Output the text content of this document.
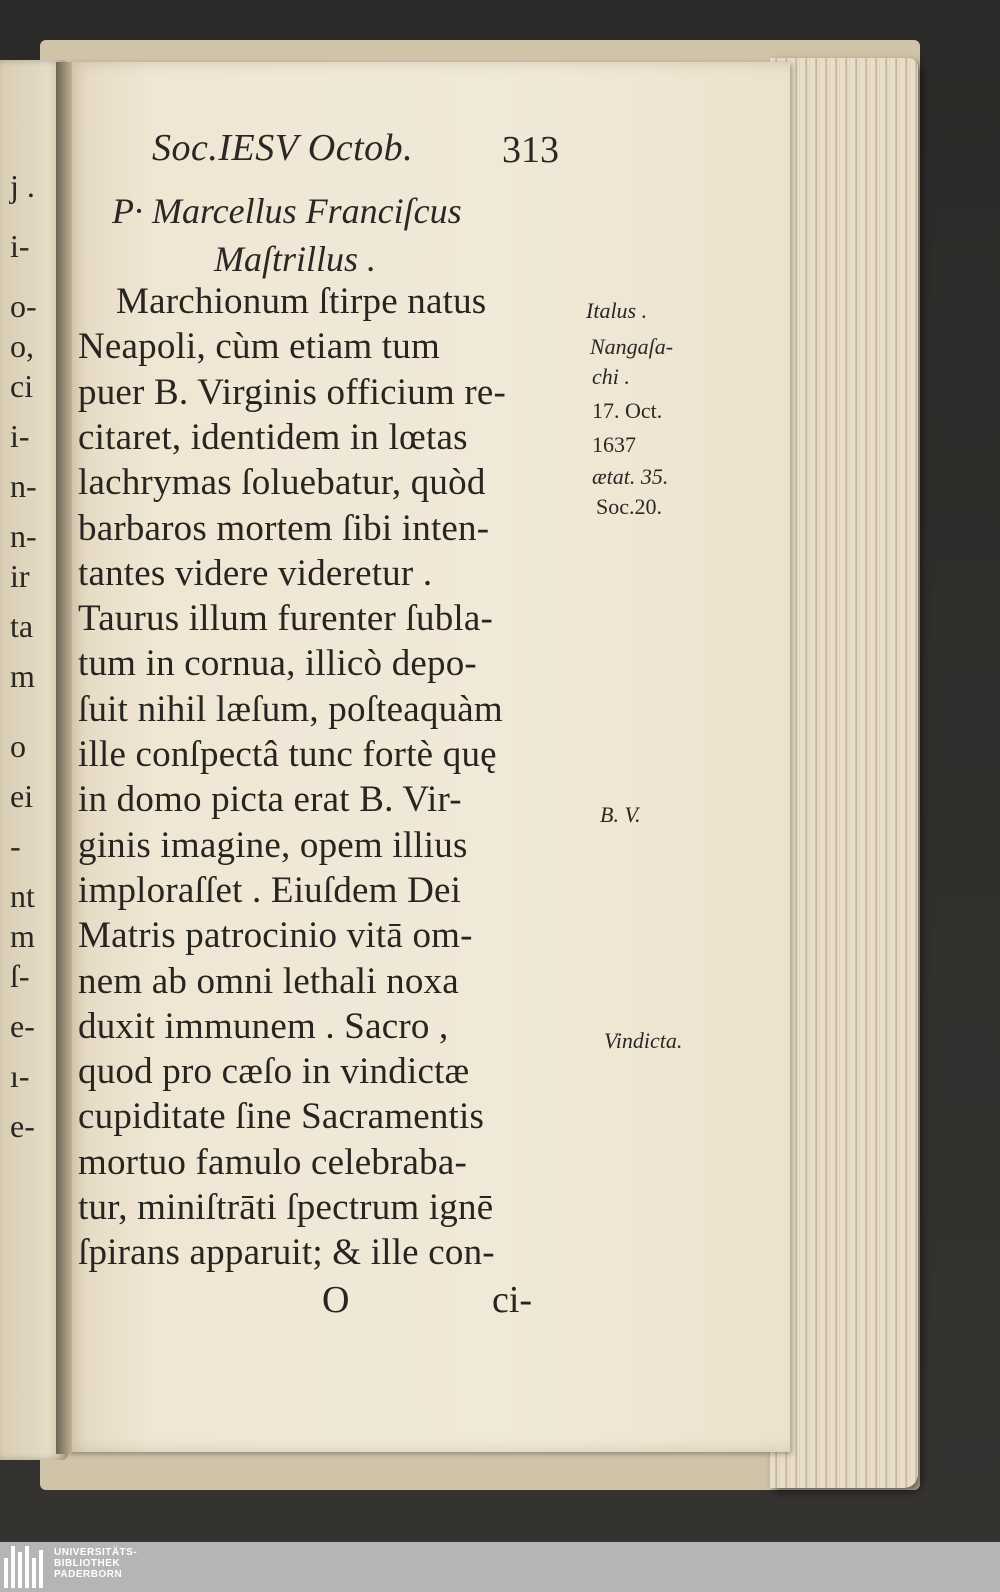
j .
i-
o-
o,
ci
i-
n-
n-
ir
ta
m
o
ei
-
nt
m
ſ-
e-
ı-
e-
Soc.IESV Octob. 313
P· Marcellus Franciſcus
Maſtrillus .
Marchionum ſtirpe natus
Neapoli, cùm etiam tum
puer B. Virginis officium re-
citaret, identidem in lœtas
lachrymas ſoluebatur, quòd
barbaros mortem ſibi inten-
tantes videre videretur .
Taurus illum furenter ſubla-
tum in cornua, illicò depo-
ſuit nihil læſum, poſteaquàm
ille conſpectâ tunc fortè quę
in domo picta erat B. Vir-
ginis imagine, opem illius
imploraſſet . Eiuſdem Dei
Matris patrocinio vitā om-
nem ab omni lethali noxa
duxit immunem . Sacro ,
quod pro cæſo in vindictæ
cupiditate ſine Sacramentis
mortuo famulo celebraba-
tur, miniſtrāti ſpectrum ignē
ſpirans apparuit; & ille con-
Italus .
Nangaſa-
chi .
17. Oct.
1637
ætat. 35.
Soc.20.
B. V.
Vindicta.
O	ci-
UNIVERSITÄTS-
BIBLIOTHEK
PADERBORN
